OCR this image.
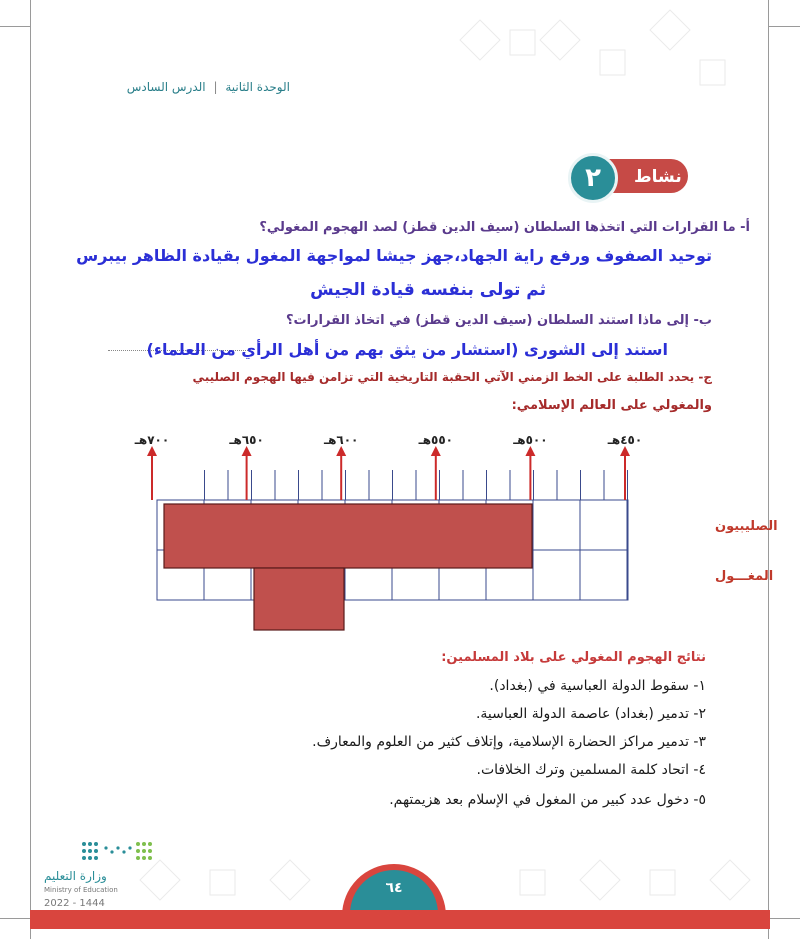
الوحدة الثانية | الدرس السادس
نشاط
٢
أ- ما القرارات التي اتخذها السلطان (سيف الدين قطز) لصد الهجوم المغولي؟
توحيد الصفوف ورفع راية الجهاد،جهز جيشا لمواجهة المغول بقيادة الظاهر بيبرس
ثم تولى بنفسه قيادة الجيش
ب- إلى ماذا استند السلطان (سيف الدين قطز) في اتخاذ القرارات؟
استند إلى الشورى (استشار من يثق بهم من أهل الرأي من العلماء)
ج- يحدد الطلبة على الخط الزمني الآتي الحقبة التاريخية التي تزامن فيها الهجوم الصليبي
والمغولي على العالم الإسلامي:
٤٥٠هـ
٥٠٠هـ
٥٥٠هـ
٦٠٠هـ
٦٥٠هـ
٧٠٠هـ
الصليبيون
المغـــول
نتائج الهجوم المغولي على بلاد المسلمين:
١- سقوط الدولة العباسية في (بغداد).
٢- تدمير (بغداد) عاصمة الدولة العباسية.
٣- تدمير مراكز الحضارة الإسلامية، وإتلاف كثير من العلوم والمعارف.
٤- اتحاد كلمة المسلمين وترك الخلافات.
٥- دخول عدد كبير من المغول في الإسلام بعد هزيمتهم.
وزارة التعليم
Ministry of Education
2022 - 1444
٦٤
